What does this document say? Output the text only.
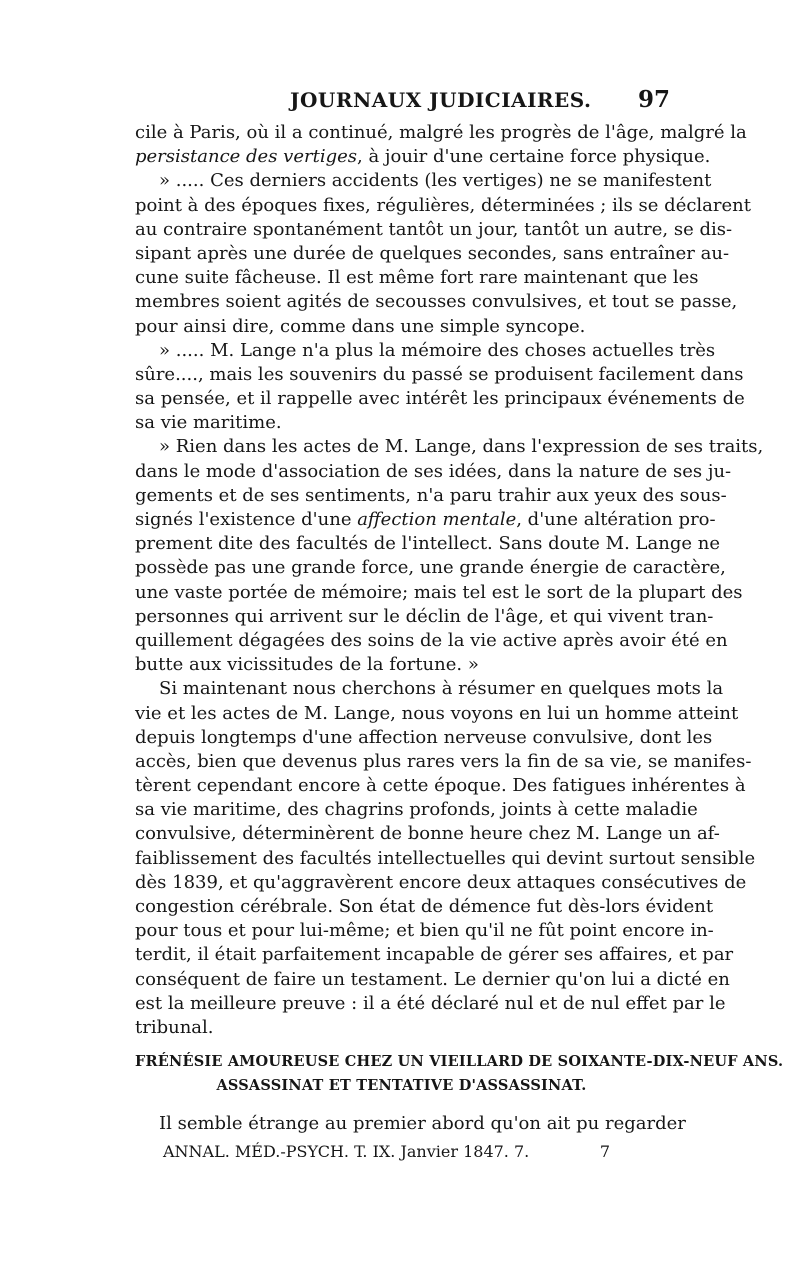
JOURNAUX JUDICIAIRES. 97
cile à Paris, où il a continué, malgré les progrès de l'âge, malgré la
persistance des vertiges, à jouir d'une certaine force physique.
» ..... Ces derniers accidents (les vertiges) ne se manifestent
point à des époques fixes, régulières, déterminées ; ils se déclarent
au contraire spontanément tantôt un jour, tantôt un autre, se dis-
sipant après une durée de quelques secondes, sans entraîner au-
cune suite fâcheuse. Il est même fort rare maintenant que les
membres soient agités de secousses convulsives, et tout se passe,
pour ainsi dire, comme dans une simple syncope.
» ..... M. Lange n'a plus la mémoire des choses actuelles très
sûre...., mais les souvenirs du passé se produisent facilement dans
sa pensée, et il rappelle avec intérêt les principaux événements de
sa vie maritime.
» Rien dans les actes de M. Lange, dans l'expression de ses traits,
dans le mode d'association de ses idées, dans la nature de ses ju-
gements et de ses sentiments, n'a paru trahir aux yeux des sous-
signés l'existence d'une affection mentale, d'une altération pro-
prement dite des facultés de l'intellect. Sans doute M. Lange ne
possède pas une grande force, une grande énergie de caractère,
une vaste portée de mémoire; mais tel est le sort de la plupart des
personnes qui arrivent sur le déclin de l'âge, et qui vivent tran-
quillement dégagées des soins de la vie active après avoir été en
butte aux vicissitudes de la fortune. »
Si maintenant nous cherchons à résumer en quelques mots la
vie et les actes de M. Lange, nous voyons en lui un homme atteint
depuis longtemps d'une affection nerveuse convulsive, dont les
accès, bien que devenus plus rares vers la fin de sa vie, se manifes-
tèrent cependant encore à cette époque. Des fatigues inhérentes à
sa vie maritime, des chagrins profonds, joints à cette maladie
convulsive, déterminèrent de bonne heure chez M. Lange un af-
faiblissement des facultés intellectuelles qui devint surtout sensible
dès 1839, et qu'aggravèrent encore deux attaques consécutives de
congestion cérébrale. Son état de démence fut dès-lors évident
pour tous et pour lui-même; et bien qu'il ne fût point encore in-
terdit, il était parfaitement incapable de gérer ses affaires, et par
conséquent de faire un testament. Le dernier qu'on lui a dicté en
est la meilleure preuve : il a été déclaré nul et de nul effet par le
tribunal.
FRÉNÉSIE AMOUREUSE CHEZ UN VIEILLARD DE SOIXANTE-DIX-NEUF ANS.
ASSASSINAT ET TENTATIVE D'ASSASSINAT.
Il semble étrange au premier abord qu'on ait pu regarder
ANNAL. MÉD.-PSYCH. T. IX. Janvier 1847. 7.	7
